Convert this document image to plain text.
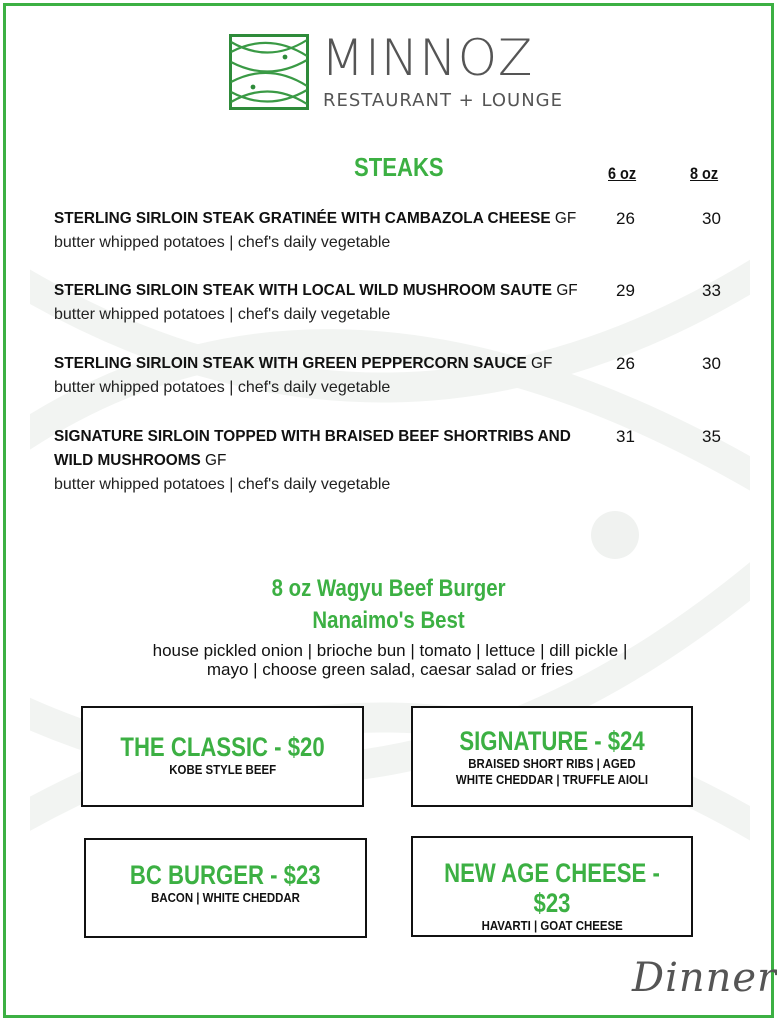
MINNOZ
RESTAURANT + LOUNGE
STEAKS	6 oz	8 oz
STERLING SIRLOIN STEAK GRATINÉE WITH CAMBAZOLA CHEESE GF
butter whipped potatoes | chef's daily vegetable
26	30
STERLING SIRLOIN STEAK WITH LOCAL WILD MUSHROOM SAUTE GF
butter whipped potatoes | chef's daily vegetable
29	33
STERLING SIRLOIN STEAK WITH GREEN PEPPERCORN SAUCE GF
butter whipped potatoes | chef's daily vegetable
26	30
SIGNATURE SIRLOIN TOPPED WITH BRAISED BEEF SHORTRIBS AND WILD MUSHROOMS GF
butter whipped potatoes | chef's daily vegetable
31	35
8 oz Wagyu Beef Burger
Nanaimo's Best
house pickled onion | brioche bun | tomato | lettuce | dill pickle | mayo | choose green salad, caesar salad or fries
THE CLASSIC - $20
KOBE STYLE BEEF
SIGNATURE - $24
BRAISED SHORT RIBS | AGED WHITE CHEDDAR | TRUFFLE AIOLI
BC BURGER - $23
BACON | WHITE CHEDDAR
NEW AGE CHEESE - $23
HAVARTI | GOAT CHEESE
Dinner
